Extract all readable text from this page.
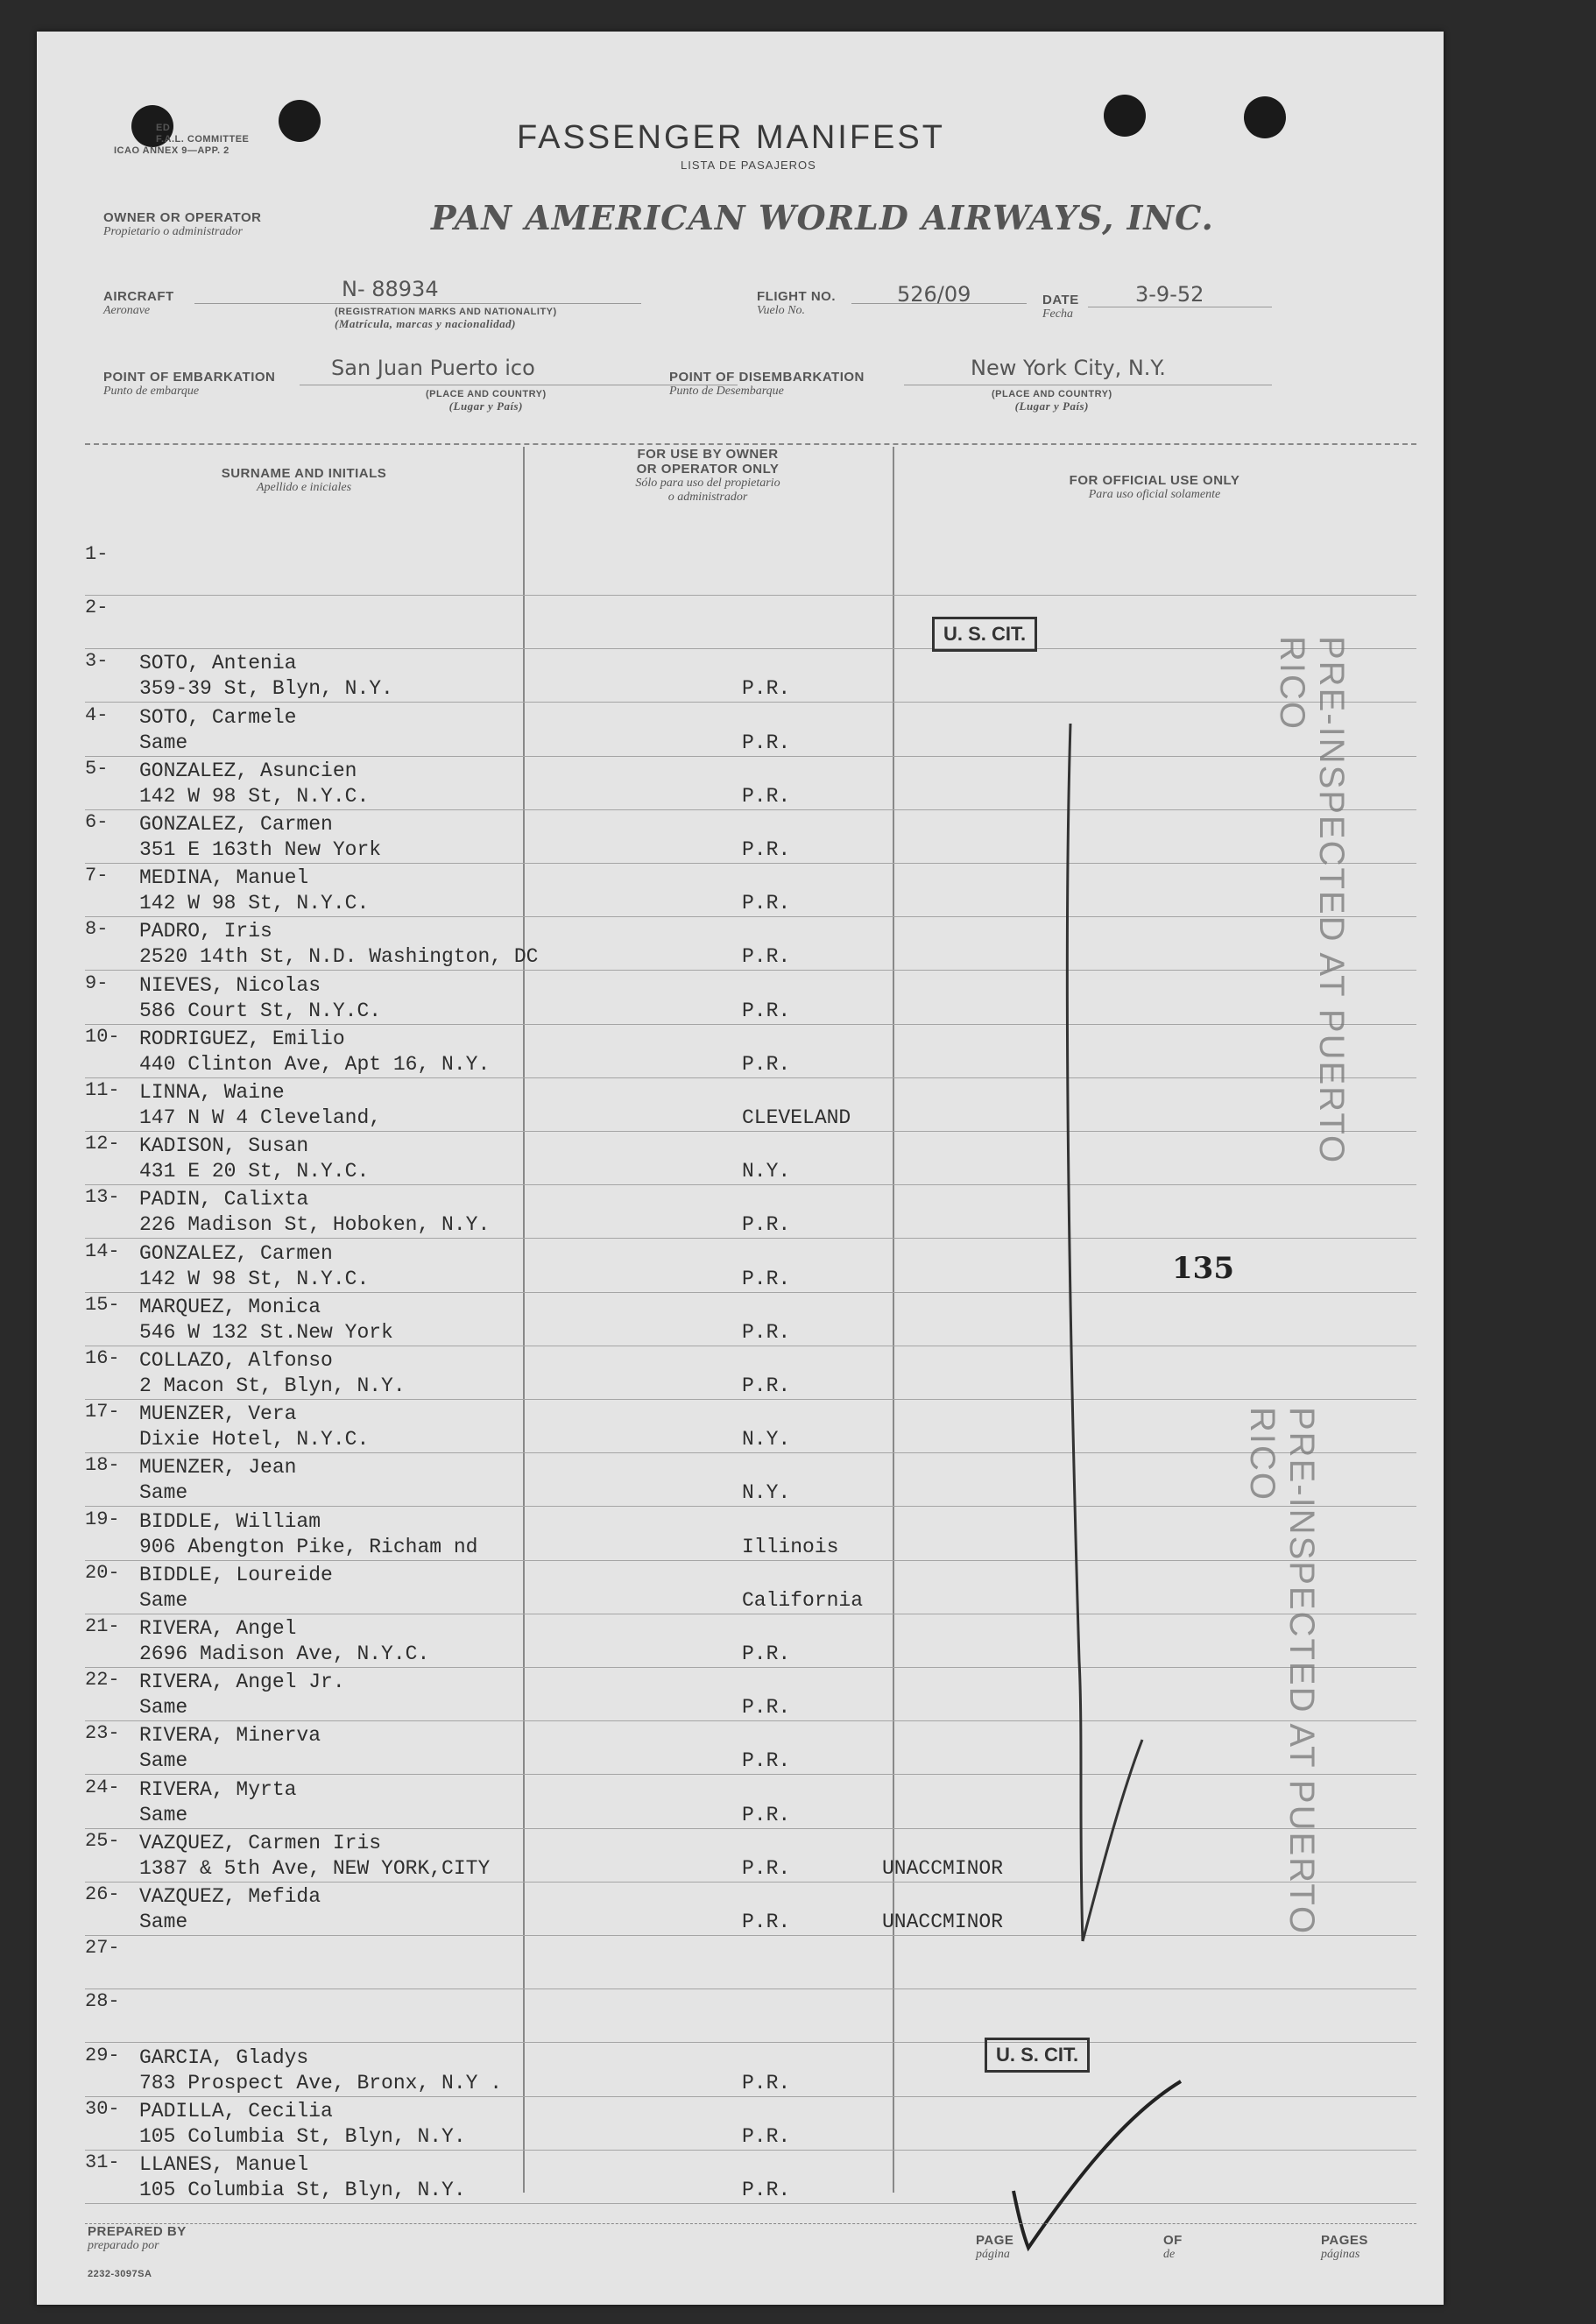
ED
F.A.L. COMMITTEE
ICAO ANNEX 9—APP. 2	FASSENGER MANIFEST
LISTA DE PASAJEROS
OWNER OR OPERATOR
Propietario o administrador	PAN AMERICAN WORLD AIRWAYS, INC.
AIRCRAFT
Aeronave
N- 88934
(REGISTRATION MARKS AND NATIONALITY)
(Matrícula, marcas y nacionalidad)
FLIGHT NO.
Vuelo No.
526/09	DATE
Fecha
3-9-52
POINT OF EMBARKATION
Punto de embarque
San Juan Puerto ico
(PLACE AND COUNTRY)
(Lugar y País)
POINT OF DISEMBARKATION
Punto de Desembarque
New York City, N.Y.
(PLACE AND COUNTRY)
(Lugar y País)
SURNAME AND INITIALS
Apellido e iniciales
FOR USE BY OWNER
OR OPERATOR ONLY
Sólo para uso del propietario
o administrador
FOR OFFICIAL USE ONLY
Para uso oficial solamente
1-
2-
3- SOTO, Antenia
359-39 St, Blyn, N.Y.	P.R.
4- SOTO, Carmele
Same	P.R.
5- GONZALEZ, Asuncien
142 W 98 St, N.Y.C.	P.R.
6- GONZALEZ, Carmen
351 E 163th New York	P.R.
7- MEDINA, Manuel
142 W 98 St, N.Y.C.	P.R.
8- PADRO, Iris
2520 14th St, N.D. Washington, DC	P.R.
9- NIEVES, Nicolas
586 Court St, N.Y.C.	P.R.
10- RODRIGUEZ, Emilio
440 Clinton Ave, Apt 16, N.Y.	P.R.
11- LINNA, Waine
147 N W 4 Cleveland,	CLEVELAND
12- KADISON, Susan
431 E 20 St, N.Y.C.	N.Y.
13- PADIN, Calixta
226 Madison St, Hoboken, N.Y.	P.R.
14- GONZALEZ, Carmen
142 W 98 St, N.Y.C.	P.R.
15- MARQUEZ, Monica
546 W 132 St.New York	P.R.
16- COLLAZO, Alfonso
2 Macon St, Blyn, N.Y.	P.R.
17- MUENZER, Vera
Dixie Hotel, N.Y.C.	N.Y.
18- MUENZER, Jean
Same	N.Y.
19- BIDDLE, William
906 Abengton Pike, Richam nd	Illinois
20- BIDDLE, Loureide
Same	California
21- RIVERA, Angel
2696 Madison Ave, N.Y.C.	P.R.
22- RIVERA, Angel Jr.
Same	P.R.
23- RIVERA, Minerva
Same	P.R.
24- RIVERA, Myrta
Same	P.R.
25- VAZQUEZ, Carmen Iris
1387 & 5th Ave, NEW YORK,CITY	P.R.	UNACCMINOR
26- VAZQUEZ, Mefida
Same	P.R.	UNACCMINOR
27-
28-
29- GARCIA, Gladys
783 Prospect Ave, Bronx, N.Y .	P.R.
30- PADILLA, Cecilia
105 Columbia St, Blyn, N.Y.	P.R.
31- LLANES, Manuel
105 Columbia St, Blyn, N.Y.	P.R.
U. S. CIT.
U. S. CIT.
PRE-INSPECTED AT PUERTO RICO
PRE-INSPECTED AT PUERTO RICO
135
PREPARED BY
preparado por	PAGE
página
OF
de
PAGES
páginas
2232-3097SA
